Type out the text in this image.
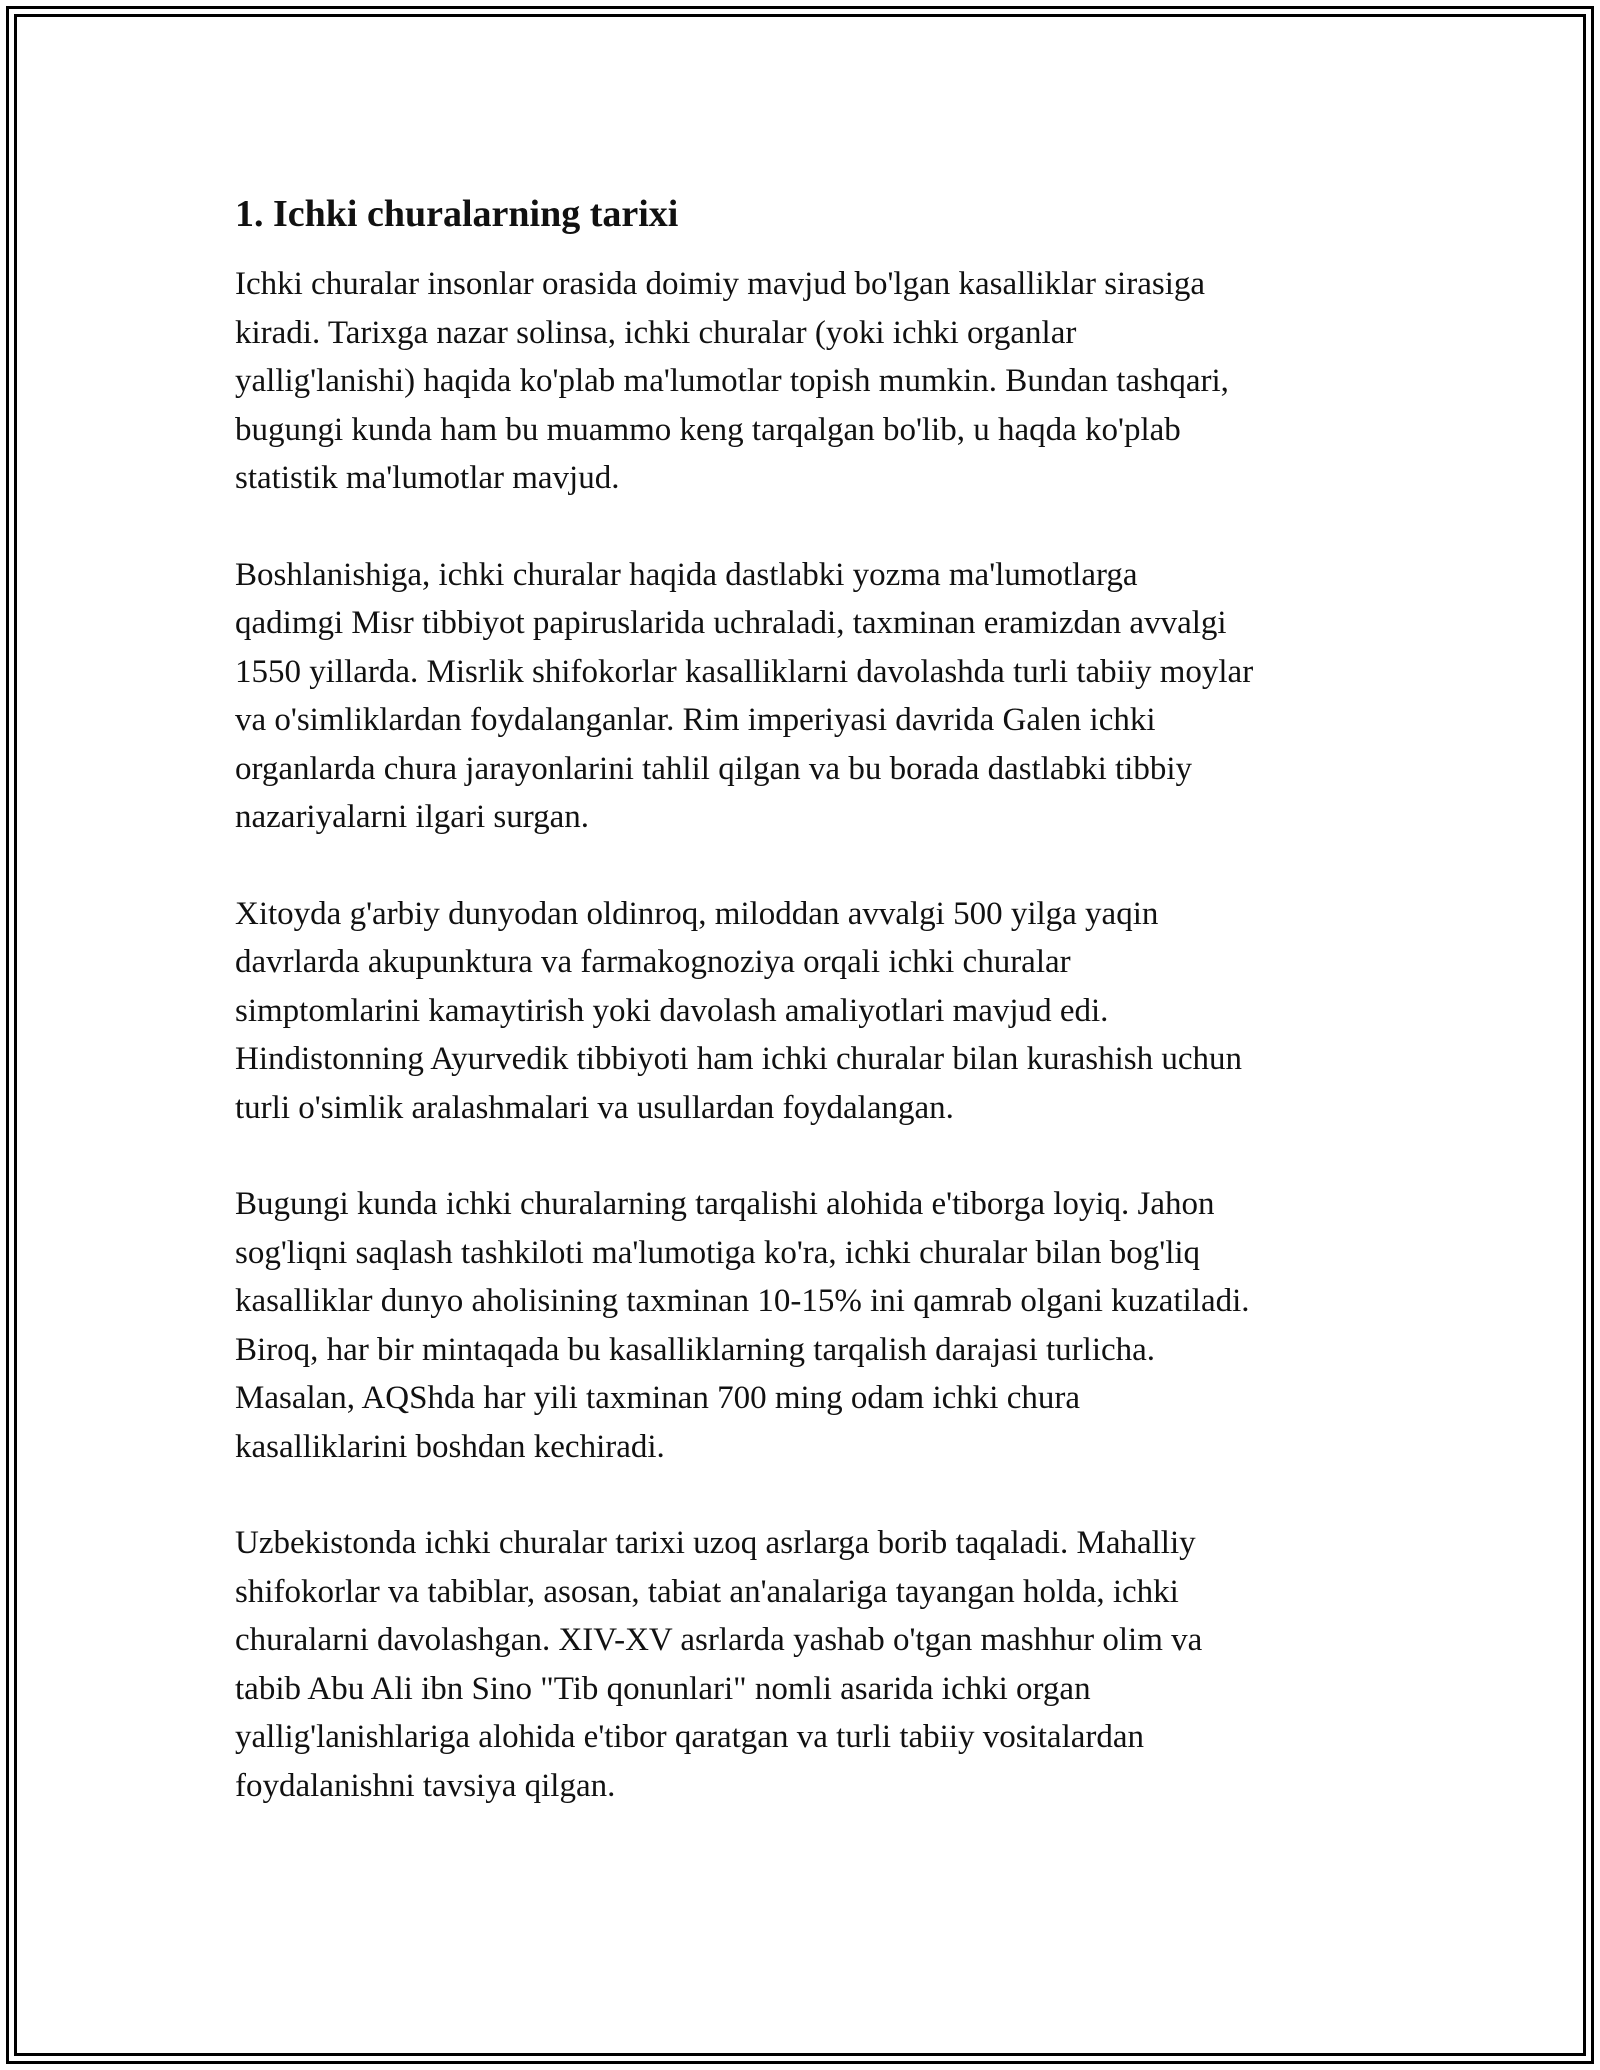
1. Ichki churalarning tarixi

Ichki churalar insonlar orasida doimiy mavjud bo'lgan kasalliklar sirasiga
kiradi. Tarixga nazar solinsa, ichki churalar (yoki ichki organlar
yallig'lanishi) haqida ko'plab ma'lumotlar topish mumkin. Bundan tashqari,
bugungi kunda ham bu muammo keng tarqalgan bo'lib, u haqda ko'plab
statistik ma'lumotlar mavjud.

Boshlanishiga, ichki churalar haqida dastlabki yozma ma'lumotlarga
qadimgi Misr tibbiyot papiruslarida uchraladi, taxminan eramizdan avvalgi
1550 yillarda. Misrlik shifokorlar kasalliklarni davolashda turli tabiiy moylar
va o'simliklardan foydalanganlar. Rim imperiyasi davrida Galen ichki
organlarda chura jarayonlarini tahlil qilgan va bu borada dastlabki tibbiy
nazariyalarni ilgari surgan.

Xitoyda g'arbiy dunyodan oldinroq, miloddan avvalgi 500 yilga yaqin
davrlarda akupunktura va farmakognoziya orqali ichki churalar
simptomlarini kamaytirish yoki davolash amaliyotlari mavjud edi.
Hindistonning Ayurvedik tibbiyoti ham ichki churalar bilan kurashish uchun
turli o'simlik aralashmalari va usullardan foydalangan.

Bugungi kunda ichki churalarning tarqalishi alohida e'tiborga loyiq. Jahon
sog'liqni saqlash tashkiloti ma'lumotiga ko'ra, ichki churalar bilan bog'liq
kasalliklar dunyo aholisining taxminan 10-15% ini qamrab olgani kuzatiladi.
Biroq, har bir mintaqada bu kasalliklarning tarqalish darajasi turlicha.
Masalan, AQShda har yili taxminan 700 ming odam ichki chura
kasalliklarini boshdan kechiradi.

Uzbekistonda ichki churalar tarixi uzoq asrlarga borib taqaladi. Mahalliy
shifokorlar va tabiblar, asosan, tabiat an'analariga tayangan holda, ichki
churalarni davolashgan. XIV-XV asrlarda yashab o'tgan mashhur olim va
tabib Abu Ali ibn Sino "Tib qonunlari" nomli asarida ichki organ
yallig'lanishlariga alohida e'tibor qaratgan va turli tabiiy vositalardan
foydalanishni tavsiya qilgan.
